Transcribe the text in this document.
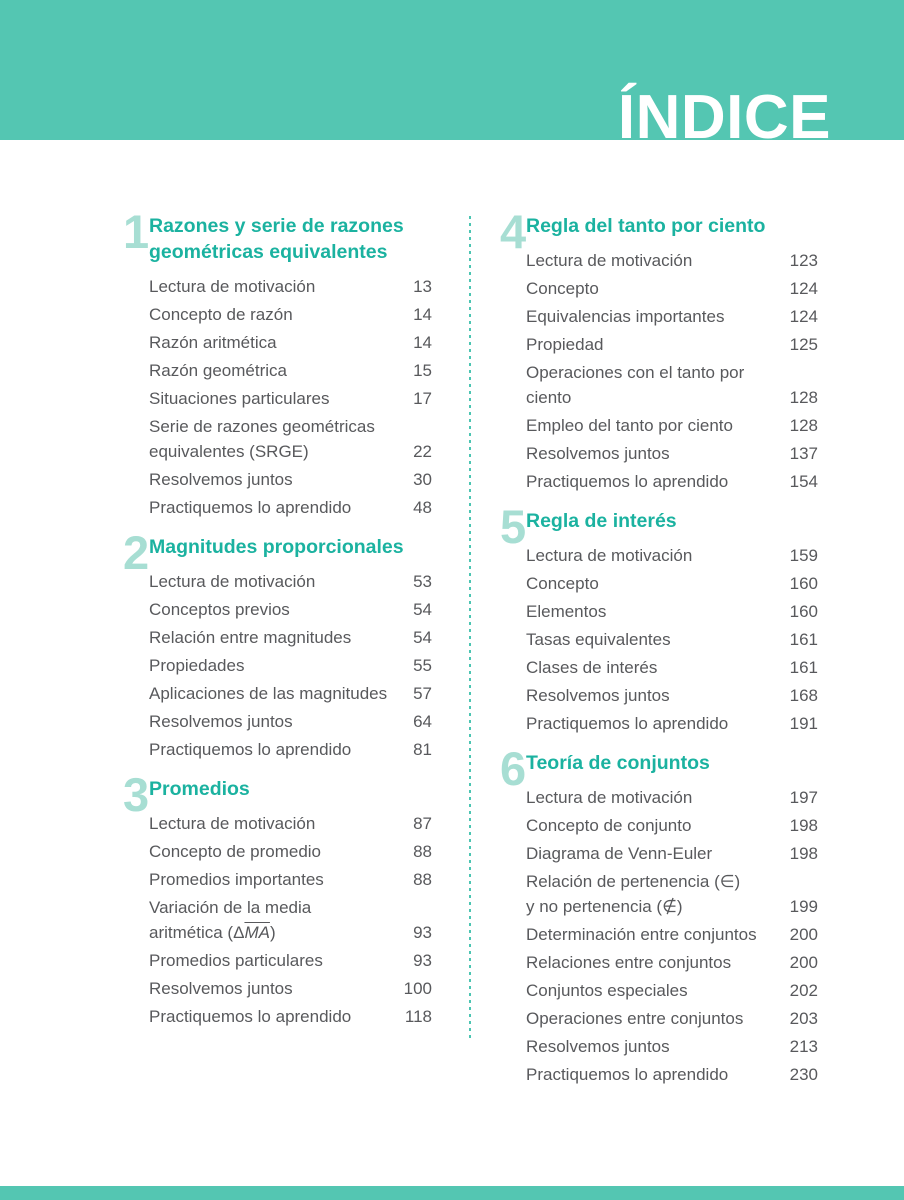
ÍNDICE
1 Razones y serie de razones geométricas equivalentes
Lectura de motivación	13
Concepto de razón	14
Razón aritmética	14
Razón geométrica	15
Situaciones particulares	17
Serie de razones geométricas
equivalentes (SRGE)	22
Resolvemos juntos	30
Practiquemos lo aprendido	48
2 Magnitudes proporcionales
Lectura de motivación	53
Conceptos previos	54
Relación entre magnitudes	54
Propiedades	55
Aplicaciones de las magnitudes	57
Resolvemos juntos	64
Practiquemos lo aprendido	81
3 Promedios
Lectura de motivación	87
Concepto de promedio	88
Promedios importantes	88
Variación de la media
aritmética $(\Delta\overline{MA})$	93
Promedios particulares	93
Resolvemos juntos	100
Practiquemos lo aprendido	118
4 Regla del tanto por ciento
Lectura de motivación	123
Concepto	124
Equivalencias importantes	124
Propiedad	125
Operaciones con el tanto por ciento	128
Empleo del tanto por ciento	128
Resolvemos juntos	137
Practiquemos lo aprendido	154
5 Regla de interés
Lectura de motivación	159
Concepto	160
Elementos	160
Tasas equivalentes	161
Clases de interés	161
Resolvemos juntos	168
Practiquemos lo aprendido	191
6 Teoría de conjuntos
Lectura de motivación	197
Concepto de conjunto	198
Diagrama de Venn-Euler	198
Relación de pertenencia (∈)
y no pertenencia (∉)	199
Determinación entre conjuntos	200
Relaciones entre conjuntos	200
Conjuntos especiales	202
Operaciones entre conjuntos	203
Resolvemos juntos	213
Practiquemos lo aprendido	230
